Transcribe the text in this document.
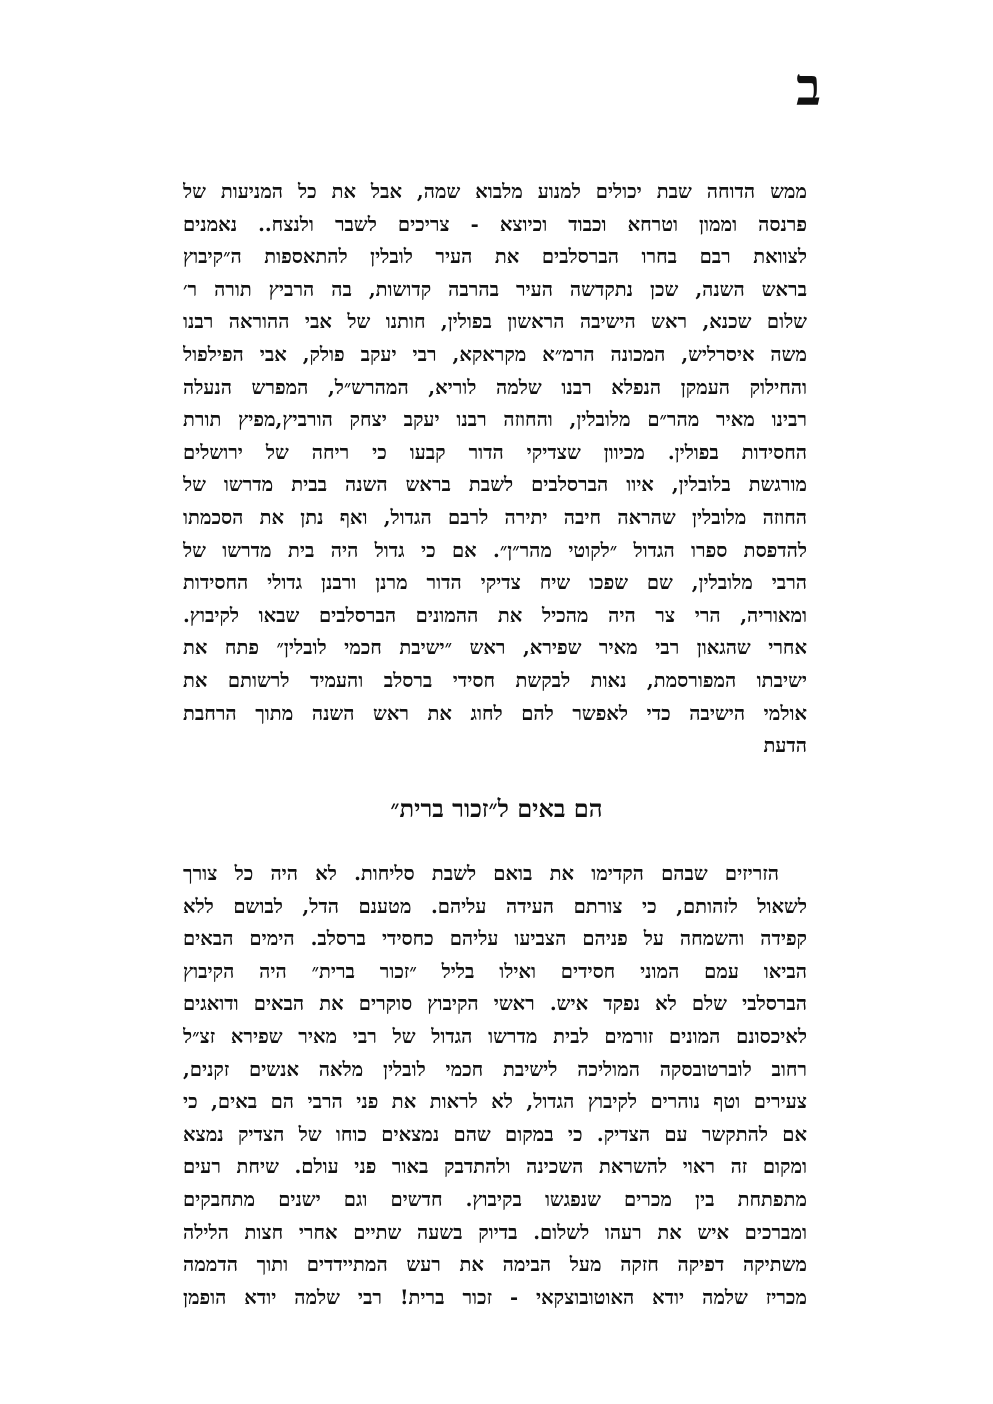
ב
ממש הדוחה שבת יכולים למנוע מלבוא שמה, אבל את כל המניעות של
פרנסה וממון וטרחא וכבוד וכיוצא - צריכים לשבר ולנצח.. נאמנים
לצוואת רבם בחרו הברסלבים את העיר לובלין להתאספות ה״קיבוץ
בראש השנה, שכן נתקדשה העיר בהרבה קדושות, בה הרביץ תורה ר׳
שלום שכנא, ראש הישיבה הראשון בפולין, חותנו של אבי ההוראה רבנו
משה איסרליש, המכונה הרמ״א מקראקא, רבי יעקב פולק, אבי הפילפול
והחילוק העמקן הנפלא רבנו שלמה לוריא, המהרש״ל, המפרש הנעלה
רבינו מאיר מהר״ם מלובלין, והחוזה רבנו יעקב יצחק הורביץ,מפיץ תורת
החסידות בפולין. מכיוון שצדיקי הדור קבעו כי ריחה של ירושלים
מורגשת בלובלין, איוו הברסלבים לשבת בראש השנה בבית מדרשו של
החוזה מלובלין שהראה חיבה יתירה לרבם הגדול, ואף נתן את הסכמתו
להדפסת ספרו הגדול ״לקוטי מהר״ן״. אם כי גדול היה בית מדרשו של
הרבי מלובלין, שם שפכו שיח צדיקי הדור מרנן ורבנן גדולי החסידות
ומאוריה, הרי צר היה מהכיל את ההמונים הברסלבים שבאו לקיבוץ.
אחרי שהגאון רבי מאיר שפירא, ראש ״ישיבת חכמי לובלין״ פתח את
ישיבתו המפורסמת, נאות לבקשת חסידי ברסלב והעמיד לרשותם את
אולמי הישיבה כדי לאפשר להם לחוג את ראש השנה מתוך הרחבת
הדעת
הם באים ל״זכור ברית״
הזריזים שבהם הקדימו את בואם לשבת סליחות. לא היה כל צורך
לשאול לזהותם, כי צורתם העידה עליהם. מטענם הדל, לבושם ללא
קפידה והשמחה על פניהם הצביעו עליהם כחסידי ברסלב. הימים הבאים
הביאו עמם המוני חסידים ואילו בליל ״זכור ברית״ היה הקיבוץ
הברסלבי שלם לא נפקד איש. ראשי הקיבוץ סוקרים את הבאים ודואגים
לאיכסונם המונים זורמים לבית מדרשו הגדול של רבי מאיר שפירא זצ״ל
רחוב לוברטובסקה המוליכה לישיבת חכמי לובלין מלאה אנשים זקנים,
צעירים וטף נוהרים לקיבוץ הגדול, לא לראות את פני הרבי הם באים, כי
אם להתקשר עם הצדיק. כי במקום שהם נמצאים כוחו של הצדיק נמצא
ומקום זה ראוי להשראת השכינה ולהתדבק באור פני עולם. שיחת רעים
מתפתחת בין מכרים שנפגשו בקיבוץ. חדשים וגם ישנים מתחבקים
ומברכים איש את רעהו לשלום. בדיוק בשעה שתיים אחרי חצות הלילה
משתיקה דפיקה חזקה מעל הבימה את רעש המתיידדים ותוך הדממה
מכריז שלמה יודא האוטובוצקאי - זכור ברית! רבי שלמה יודא הופמן
